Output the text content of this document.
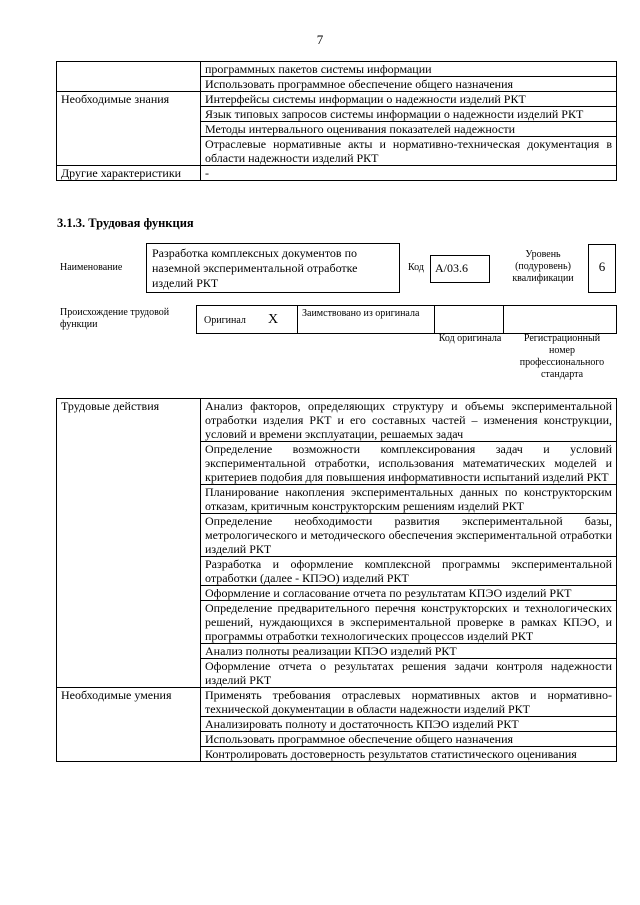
7
	программных пакетов системы информации
	Использовать программное обеспечение общего назначения
Необходимые знания	Интерфейсы системы информации о надежности изделий РКТ
	Язык типовых запросов системы информации о надежности изделий РКТ
	Методы интервального оценивания показателей надежности
	Отраслевые нормативные акты и нормативно-техническая документация в области надежности изделий РКТ
Другие характеристики	-
3.1.3. Трудовая функция
Наименование
Разработка комплексных документов по наземной экспериментальной отработке изделий РКТ
Код А/03.6
Уровень (подуровень) квалификации
6
Происхождение трудовой функции	Оригинал X Заимствовано из оригинала
Код оригинала	Регистрационный номер профессионального стандарта
Трудовые действия	Анализ факторов, определяющих структуру и объемы экспериментальной отработки изделия РКТ и его составных частей – изменения конструкции, условий и времени эксплуатации, решаемых задач
	Определение возможности комплексирования задач и условий экспериментальной отработки, использования математических моделей и критериев подобия для повышения информативности испытаний изделий РКТ
	Планирование накопления экспериментальных данных по конструкторским отказам, критичным конструкторским решениям изделий РКТ
	Определение необходимости развития экспериментальной базы, метрологического и методического обеспечения экспериментальной отработки изделий РКТ
	Разработка и оформление комплексной программы экспериментальной отработки (далее - КПЭО) изделий РКТ
	Оформление и согласование отчета по результатам КПЭО изделий РКТ
	Определение предварительного перечня конструкторских и технологических решений, нуждающихся в экспериментальной проверке в рамках КПЭО, и программы отработки технологических процессов изделий РКТ
	Анализ полноты реализации КПЭО изделий РКТ
	Оформление отчета о результатах решения задачи контроля надежности изделий РКТ
Необходимые умения	Применять требования отраслевых нормативных актов и нормативно-технической документации в области надежности изделий РКТ
	Анализировать полноту и достаточность КПЭО изделий РКТ
	Использовать программное обеспечение общего назначения
	Контролировать достоверность результатов статистического оценивания
